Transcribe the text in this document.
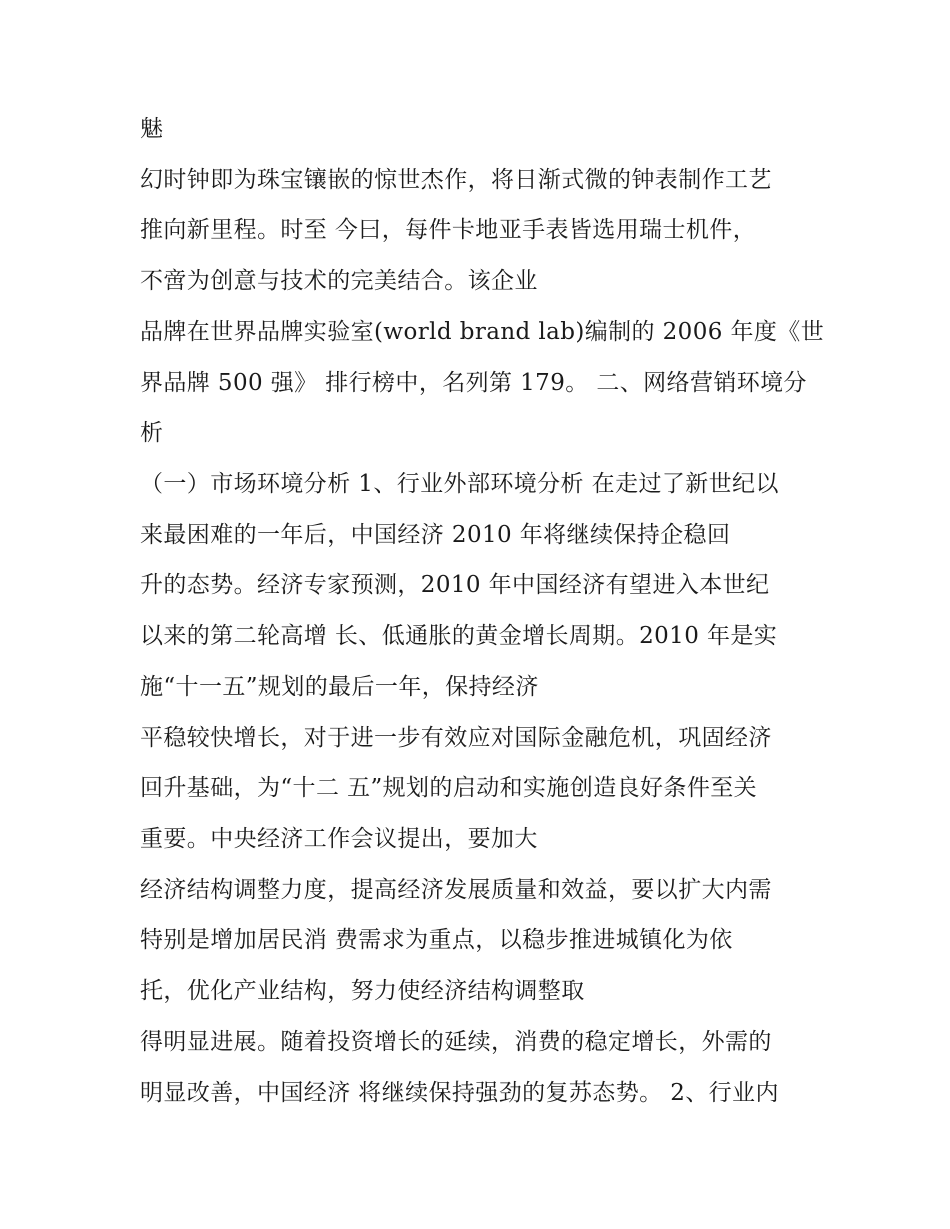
魅
幻时钟即为珠宝镶嵌的惊世杰作，将日渐式微的钟表制作工艺
推向新里程。时至 今曰，每件卡地亚手表皆选用瑞士机件，
不啻为创意与技术的完美结合。该企业
品牌在世界品牌实验室(world brand lab)编制的 2006 年度《世
界品牌 500 强》 排行榜中，名列第 179。 二、网络营销环境分
析
（一）市场环境分析 1、行业外部环境分析 在走过了新世纪以
来最困难的一年后，中国经济 2010 年将继续保持企稳回
升的态势。经济专家预测，2010 年中国经济有望进入本世纪
以来的第二轮高增 长、低通胀的黄金增长周期。2010 年是实
施“十一五”规划的最后一年，保持经济
平稳较快增长，对于进一步有效应对国际金融危机，巩固经济
回升基础，为“十二 五”规划的启动和实施创造良好条件至关
重要。中央经济工作会议提出，要加大
经济结构调整力度，提高经济发展质量和效益，要以扩大内需
特别是增加居民消 费需求为重点，以稳步推进城镇化为依
托，优化产业结构，努力使经济结构调整取
得明显进展。随着投资增长的延续，消费的稳定增长，外需的
明显改善，中国经济 将继续保持强劲的复苏态势。 2、行业内
